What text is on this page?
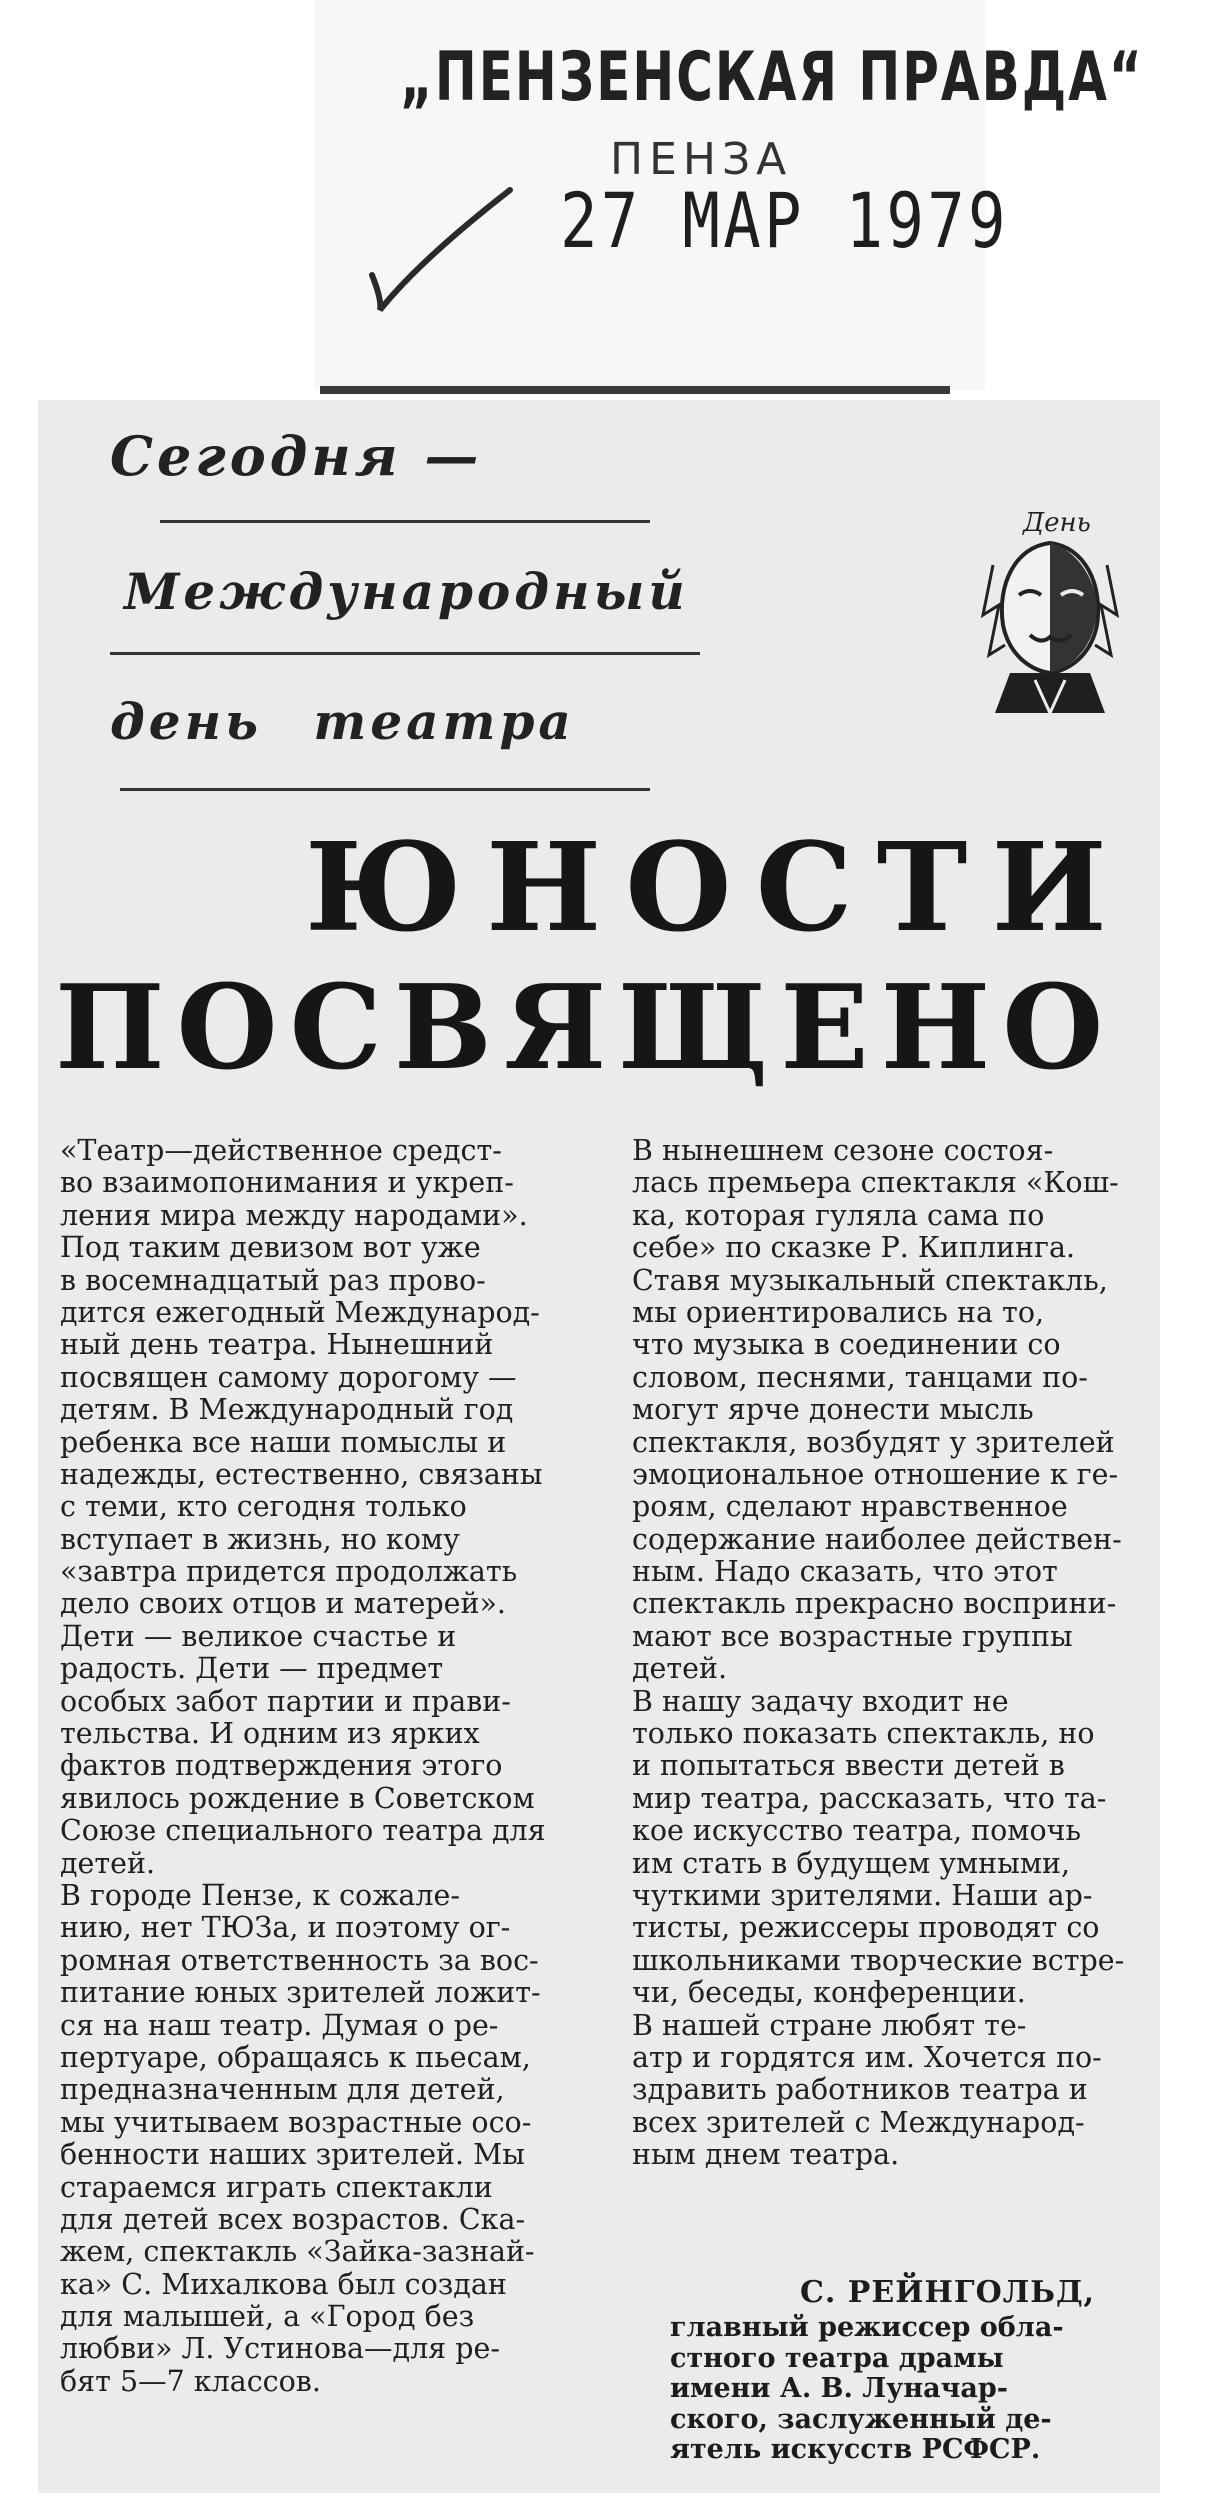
„ПЕНЗЕНСКАЯ ПРАВДА“
ПЕНЗА
27 МАР 1979
Сегодня —
Международный
день театра
День
ЮНОСТИ
ПОСВЯЩЕНО
«Театр—действенное средст-
во взаимопонимания и укреп-
ления мира между народами».
Под таким девизом вот уже
в восемнадцатый раз прово-
дится ежегодный Международ-
ный день театра. Нынешний
посвящен самому дорогому —
детям. В Международный год
ребенка все наши помыслы и
надежды, естественно, связаны
с теми, кто сегодня только
вступает в жизнь, но кому
«завтра придется продолжать
дело своих отцов и матерей».
Дети — великое счастье и
радость. Дети — предмет
особых забот партии и прави-
тельства. И одним из ярких
фактов подтверждения этого
явилось рождение в Советском
Союзе специального театра для
детей.
В городе Пензе, к сожале-
нию, нет ТЮЗа, и поэтому ог-
ромная ответственность за вос-
питание юных зрителей ложит-
ся на наш театр. Думая о ре-
пертуаре, обращаясь к пьесам,
предназначенным для детей,
мы учитываем возрастные осо-
бенности наших зрителей. Мы
стараемся играть спектакли
для детей всех возрастов. Ска-
жем, спектакль «Зайка-зазнай-
ка» С. Михалкова был создан
для малышей, а «Город без
любви» Л. Устинова—для ре-
бят 5—7 классов.
В нынешнем сезоне состоя-
лась премьера спектакля «Кош-
ка, которая гуляла сама по
себе» по сказке Р. Киплинга.
Ставя музыкальный спектакль,
мы ориентировались на то,
что музыка в соединении со
словом, песнями, танцами по-
могут ярче донести мысль
спектакля, возбудят у зрителей
эмоциональное отношение к ге-
роям, сделают нравственное
содержание наиболее действен-
ным. Надо сказать, что этот
спектакль прекрасно восприни-
мают все возрастные группы
детей.
В нашу задачу входит не
только показать спектакль, но
и попытаться ввести детей в
мир театра, рассказать, что та-
кое искусство театра, помочь
им стать в будущем умными,
чуткими зрителями. Наши ар-
тисты, режиссеры проводят со
школьниками творческие встре-
чи, беседы, конференции.
В нашей стране любят те-
атр и гордятся им. Хочется по-
здравить работников театра и
всех зрителей с Международ-
ным днем театра.
С. РЕЙНГОЛЬД,
главный режиссер обла-
стного театра драмы
имени А. В. Луначар-
ского, заслуженный де-
ятель искусств РСФСР.
